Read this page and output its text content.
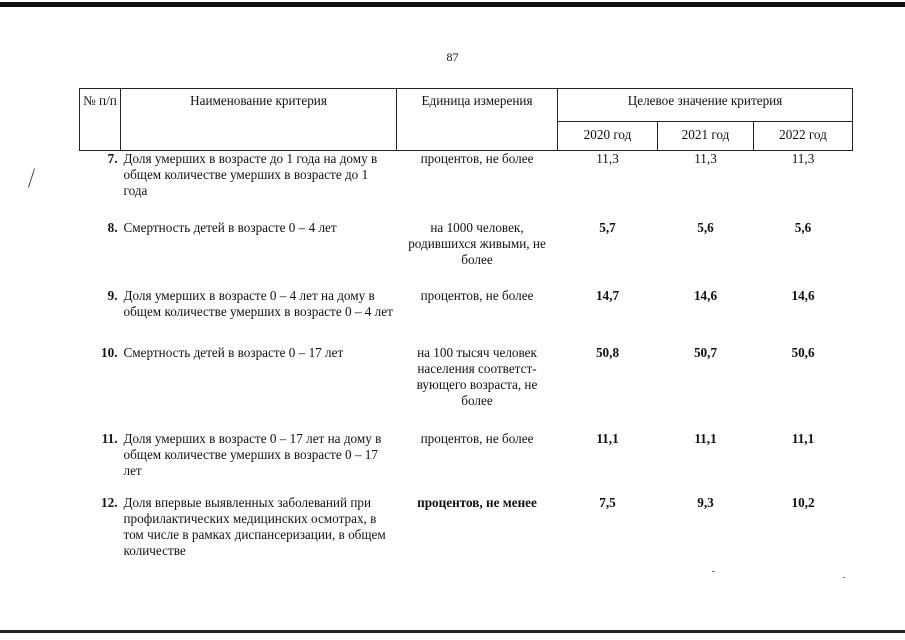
87
№ п/п	Наименование критерия	Единица измерения	Целевое значение критерия		
			2020 год	2021 год	2022 год
7.	Доля умерших в возрасте до 1 года на дому в общем количестве умерших в возрасте до 1 года	процентов, не более	11,3	11,3	11,3
8.	Смертность детей в возрасте 0 – 4 лет	на 1000 человек, родившихся живыми, не более	5,7	5,6	5,6
9.	Доля умерших в возрасте 0 – 4 лет на дому в общем количестве умерших в возрасте 0 – 4 лет	процентов, не более	14,7	14,6	14,6
10.	Смертность детей в возрасте 0 – 17 лет	на 100 тысяч человек населения соответст-вующего возраста, не более	50,8	50,7	50,6
11.	Доля умерших в возрасте 0 – 17 лет на дому в общем количестве умерших в возрасте 0 – 17 лет	процентов, не более	11,1	11,1	11,1
12.	Доля впервые выявленных заболеваний при профилактических медицинских осмотрах, в том числе в рамках диспансеризации, в общем количестве	процентов, не менее	7,5	9,3	10,2
